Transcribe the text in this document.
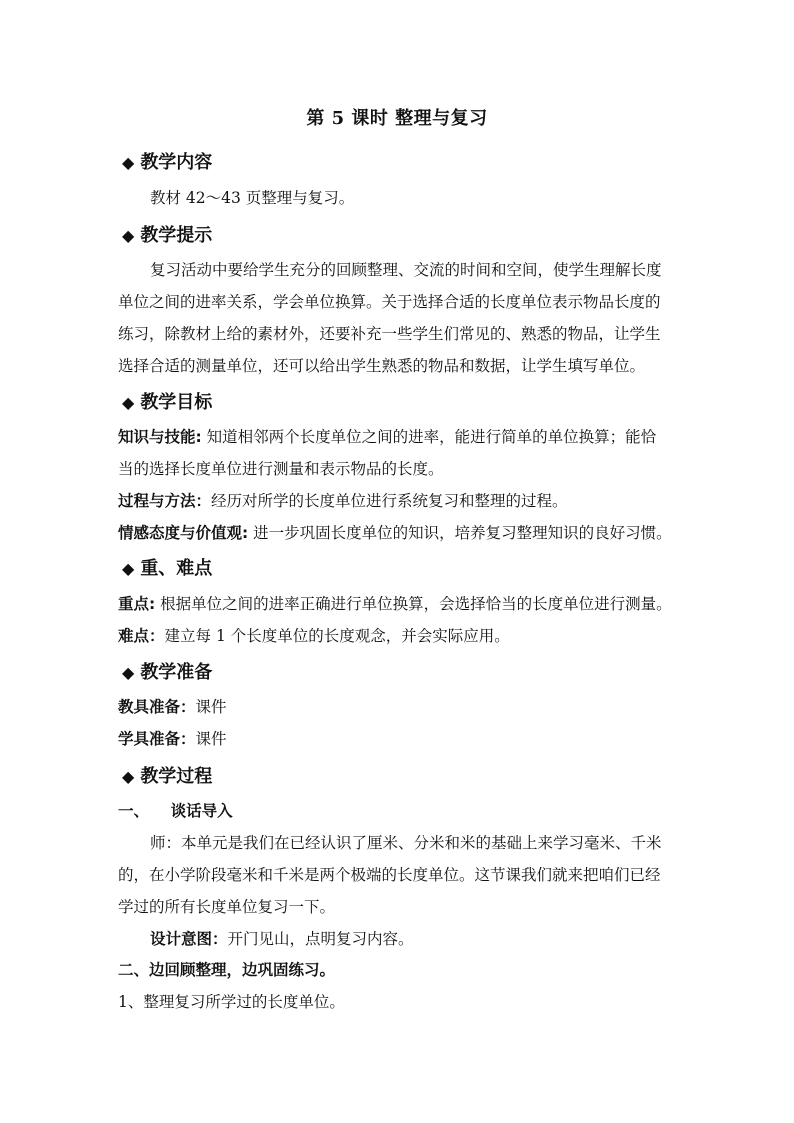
第 5 课时 整理与复习
◆ 教学内容
教材 42～43 页整理与复习。
◆ 教学提示
复习活动中要给学生充分的回顾整理、交流的时间和空间，使学生理解长度
单位之间的进率关系，学会单位换算。关于选择合适的长度单位表示物品长度的
练习，除教材上给的素材外，还要补充一些学生们常见的、熟悉的物品，让学生
选择合适的测量单位，还可以给出学生熟悉的物品和数据，让学生填写单位。
◆ 教学目标
知识与技能: 知道相邻两个长度单位之间的进率，能进行简单的单位换算；能恰
当的选择长度单位进行测量和表示物品的长度。
过程与方法：经历对所学的长度单位进行系统复习和整理的过程。
情感态度与价值观: 进一步巩固长度单位的知识，培养复习整理知识的良好习惯。
◆ 重、难点
重点: 根据单位之间的进率正确进行单位换算，会选择恰当的长度单位进行测量。
难点：建立每 1 个长度单位的长度观念，并会实际应用。
◆ 教学准备
教具准备：课件
学具准备：课件
◆ 教学过程
一、    谈话导入
师：本单元是我们在已经认识了厘米、分米和米的基础上来学习毫米、千米
的，在小学阶段毫米和千米是两个极端的长度单位。这节课我们就来把咱们已经
学过的所有长度单位复习一下。
设计意图：开门见山，点明复习内容。
二、边回顾整理，边巩固练习。
1、整理复习所学过的长度单位。
